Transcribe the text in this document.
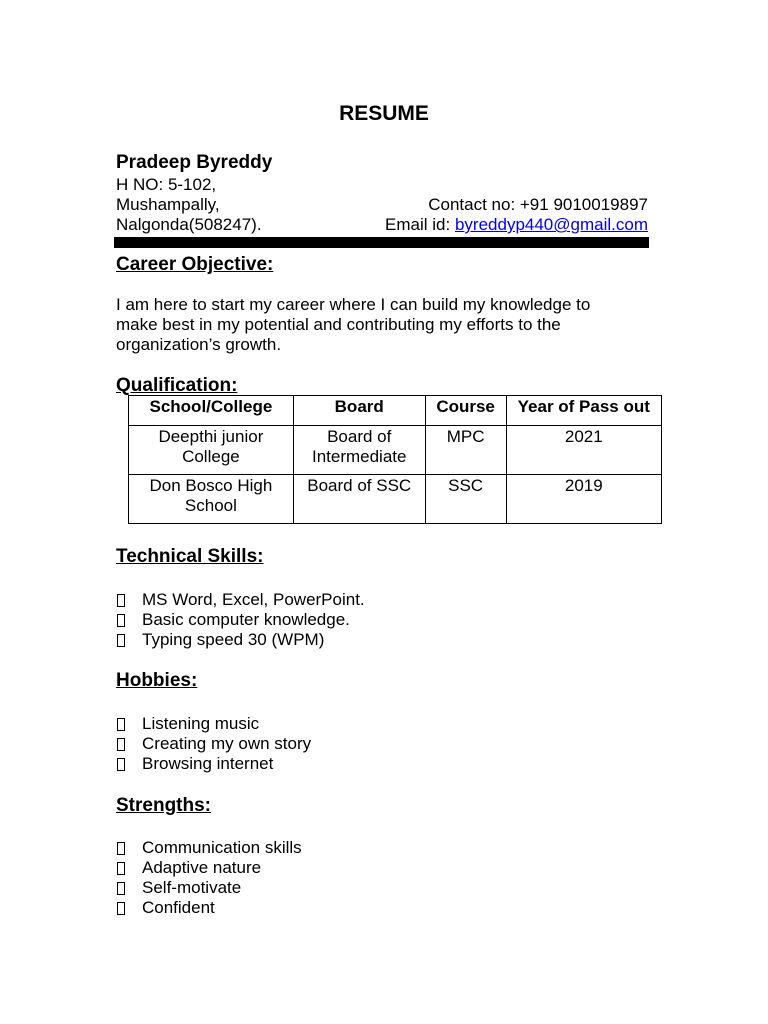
RESUME
Pradeep Byreddy
H NO: 5-102,
Mushampally,
Nalgonda(508247).
Contact no: +91 9010019897
Email id: byreddyp440@gmail.com
Career Objective:
I am here to start my career where I can build my knowledge to make best in my potential and contributing my efforts to the organization’s growth.
Qualification:
School/College	Board	Course	Year of Pass out
Deepthi junior College	Board of Intermediate	MPC	2021
Don Bosco High School	Board of SSC	SSC	2019
Technical Skills:
MS Word, Excel, PowerPoint.
Basic computer knowledge.
Typing speed 30 (WPM)
Hobbies:
Listening music
Creating my own story
Browsing internet
Strengths:
Communication skills
Adaptive nature
Self-motivate
Confident
